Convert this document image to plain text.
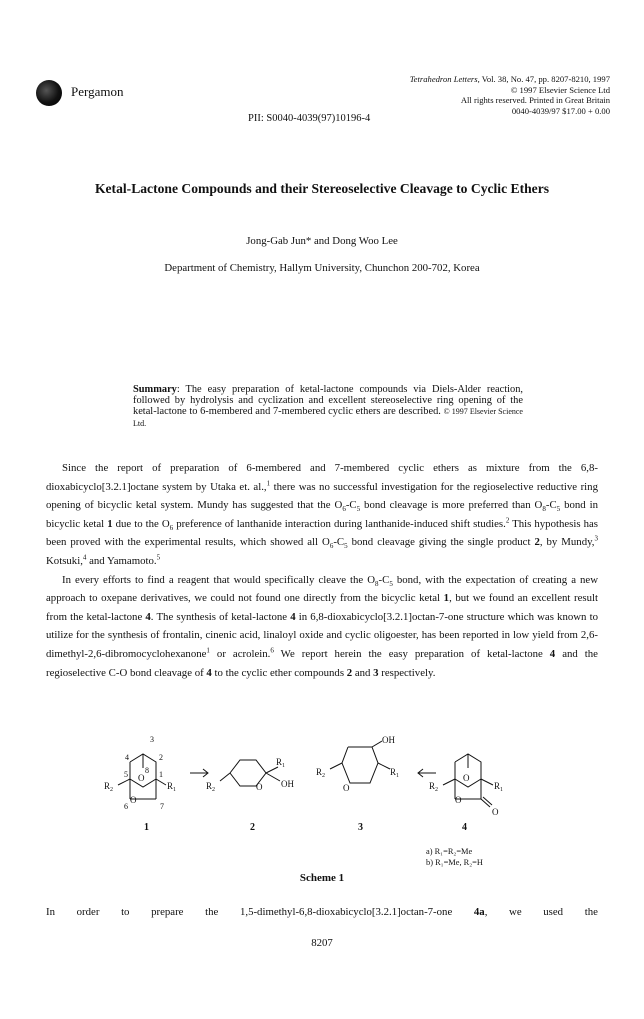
Pergamon
Tetrahedron Letters, Vol. 38, No. 47, pp. 8207-8210, 1997
© 1997 Elsevier Science Ltd
All rights reserved. Printed in Great Britain
0040-4039/97 $17.00 + 0.00
PII: S0040-4039(97)10196-4
Ketal-Lactone Compounds and their Stereoselective Cleavage to Cyclic Ethers
Jong-Gab Jun* and Dong Woo Lee
Department of Chemistry, Hallym University, Chunchon 200-702, Korea
Summary: The easy preparation of ketal-lactone compounds via Diels-Alder reaction, followed by hydrolysis and cyclization and excellent stereoselective ring opening of the ketal-lactone to 6-membered and 7-membered cyclic ethers are described. © 1997 Elsevier Science Ltd.

Since the report of preparation of 6-membered and 7-membered cyclic ethers as mixture from the 6,8-dioxabicyclo[3.2.1]octane system by Utaka et. al.,$^1$ there was no successful investigation for the regioselective reductive ring opening of bicyclic ketal system. Mundy has suggested that the $O_6-C_5$ bond cleavage is more preferred than $O_8-C_5$ bond in bicyclic ketal 1 due to the $O_6$ preference of lanthanide interaction during lanthanide-induced shift studies.$^2$ This hypothesis has been proved with the experimental results, which showed all $O_6-C_5$ bond cleavage giving the single product 2, by Mundy,$^3$ Kotsuki,$^4$ and Yamamoto.$^5$

In every efforts to find a reagent that would specifically cleave the $O_8-C_5$ bond, with the expectation of creating a new approach to oxepane derivatives, we could not found one directly from the bicyclic ketal 1, but we found an excellent result from the ketal-lactone 4. The synthesis of ketal-lactone 4 in 6,8-dioxabicyclo[3.2.1]octan-7-one structure which was known to utilize for the synthesis of frontalin, cinenic acid, linaloyl oxide and cyclic oligoester, has been reported in low yield from 2,6-dimethyl-2,6-dibromocyclohexanone$^1$ or acrolein.$^6$ We report herein the easy preparation of ketal-lactone 4 and the regioselective C-O bond cleavage of 4 to the cyclic ether compounds 2 and 3 respectively.

3
4	2
5 8 1
6	7
O
O
$R_2$	$R_1$	O
$R_1$
OH
$R_2$
OH
O
$R_1$
$R_2$	O
O
O
$R_2$	$R_1$
1	2	3	4
a) R₁=R₂=Me
b) R₁=Me, R₂=H
Scheme 1
In order to prepare the 1,5-dimethyl-6,8-dioxabicyclo[3.2.1]octan-7-one 4a, we used the
8207
